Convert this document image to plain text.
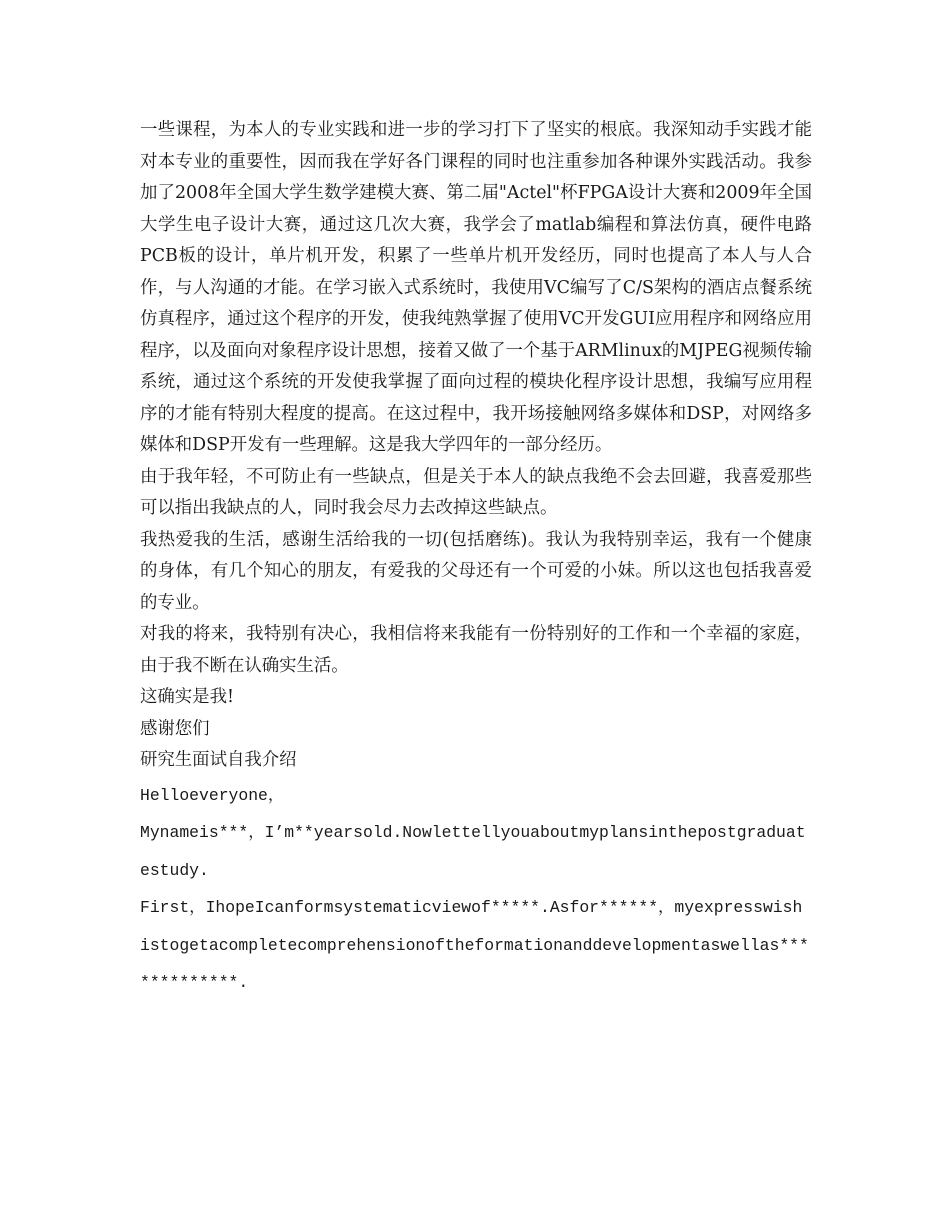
一些课程，为本人的专业实践和进一步的学习打下了坚实的根底。我深知动手实践才能对本专业的重要性，因而我在学好各门课程的同时也注重参加各种课外实践活动。我参加了2008年全国大学生数学建模大赛、第二届"Actel"杯FPGA设计大赛和2009年全国大学生电子设计大赛，通过这几次大赛，我学会了matlab编程和算法仿真，硬件电路PCB板的设计，单片机开发，积累了一些单片机开发经历，同时也提高了本人与人合作，与人沟通的才能。在学习嵌入式系统时，我使用VC编写了C/S架构的酒店点餐系统仿真程序，通过这个程序的开发，使我纯熟掌握了使用VC开发GUI应用程序和网络应用程序，以及面向对象程序设计思想，接着又做了一个基于ARMlinux的MJPEG视频传输系统，通过这个系统的开发使我掌握了面向过程的模块化程序设计思想，我编写应用程序的才能有特别大程度的提高。在这过程中，我开场接触网络多媒体和DSP，对网络多媒体和DSP开发有一些理解。这是我大学四年的一部分经历。

由于我年轻，不可防止有一些缺点，但是关于本人的缺点我绝不会去回避，我喜爱那些可以指出我缺点的人，同时我会尽力去改掉这些缺点。

我热爱我的生活，感谢生活给我的一切(包括磨练)。我认为我特别幸运，我有一个健康的身体，有几个知心的朋友，有爱我的父母还有一个可爱的小妹。所以这也包括我喜爱的专业。

对我的将来，我特别有决心，我相信将来我能有一份特别好的工作和一个幸福的家庭，由于我不断在认确实生活。

这确实是我!

感谢您们

研究生面试自我介绍

Helloeveryone，

Mynameis***，I’m**yearsold.Nowlettellyouaboutmyplansinthepostgraduatestudy.

First，IhopeIcanformsystematicviewof*****.Asfor******，myexpresswishistogetacompletecomprehensionoftheformationanddevelopmentaswellas*************.
